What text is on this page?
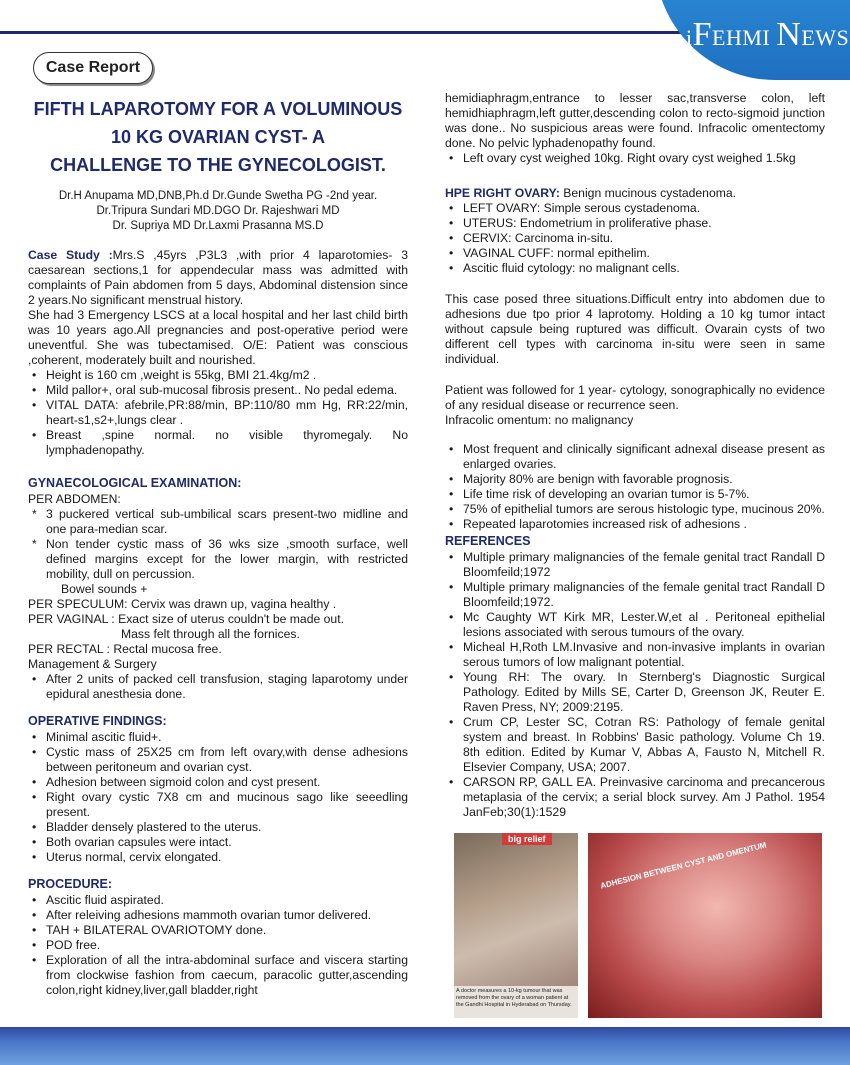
iFEHMI NEWS
Case Report
FIFTH LAPAROTOMY FOR A VOLUMINOUS
10 KG OVARIAN CYST- A
CHALLENGE TO THE GYNECOLOGIST.
Dr.H Anupama MD,DNB,Ph.d Dr.Gunde Swetha PG -2nd year.
Dr.Tripura Sundari MD.DGO Dr. Rajeshwari MD
Dr. Supriya MD Dr.Laxmi Prasanna MS.D

Case Study :Mrs.S ,45yrs ,P3L3 ,with prior 4 laparotomies- 3 caesarean sections,1 for appendecular mass was admitted with complaints of Pain abdomen from 5 days, Abdominal distension since 2 years.No significant menstrual history.

She had 3 Emergency LSCS at a local hospital and her last child birth was 10 years ago.All pregnancies and post-operative period were uneventful. She was tubectamised. O/E: Patient was conscious ,coherent, moderately built and nourished.

• Height is 160 cm ,weight is 55kg, BMI 21.4kg/m2 .
• Mild pallor+, oral sub-mucosal fibrosis present.. No pedal edema.
• VITAL DATA: afebrile,PR:88/min, BP:110/80 mm Hg, RR:22/min, heart-s1,s2+,lungs clear .
• Breast ,spine normal. no visible thyromegaly. No lymphadenopathy.
GYNAECOLOGICAL EXAMINATION:

PER ABDOMEN:

* 3 puckered vertical sub-umbilical scars present-two midline and one para-median scar.
* Non tender cystic mass of 36 wks size ,smooth surface, well defined margins except for the lower margin, with restricted mobility, dull on percussion.

Bowel sounds +

PER SPECULUM: Cervix was drawn up, vagina healthy .

PER VAGINAL : Exact size of uterus couldn't be made out.

Mass felt through all the fornices.

PER RECTAL : Rectal mucosa free.

Management & Surgery

• After 2 units of packed cell transfusion, staging laparotomy under epidural anesthesia done.
OPERATIVE FINDINGS:
• Minimal ascitic fluid+.
• Cystic mass of 25X25 cm from left ovary,with dense adhesions between peritoneum and ovarian cyst.
• Adhesion between sigmoid colon and cyst present.
• Right ovary cystic 7X8 cm and mucinous sago like seeedling present.
• Bladder densely plastered to the uterus.
• Both ovarian capsules were intact.
• Uterus normal, cervix elongated.
PROCEDURE:
• Ascitic fluid aspirated.
• After releiving adhesions mammoth ovarian tumor delivered.
• TAH + BILATERAL OVARIOTOMY done.
• POD free.
• Exploration of all the intra-abdominal surface and viscera starting from clockwise fashion from caecum, paracolic gutter,ascending colon,right kidney,liver,gall bladder,right

hemidiaphragm,entrance to lesser sac,transverse colon, left hemidhiaphragm,left gutter,descending colon to recto-sigmoid junction was done.. No suspicious areas were found. Infracolic omentectomy done. No pelvic lyphadenopathy found.

• Left ovary cyst weighed 10kg. Right ovary cyst weighed 1.5kg

HPE RIGHT OVARY: Benign mucinous cystadenoma.

• LEFT OVARY: Simple serous cystadenoma.
• UTERUS: Endometrium in proliferative phase.
• CERVIX: Carcinoma in-situ.
• VAGINAL CUFF: normal epithelim.
• Ascitic fluid cytology: no malignant cells.

This case posed three situations.Difficult entry into abdomen due to adhesions due tpo prior 4 laprotomy. Holding a 10 kg tumor intact without capsule being ruptured was difficult. Ovarain cysts of two different cell types with carcinoma in-situ were seen in same individual.

Patient was followed for 1 year- cytology, sonographically no evidence of any residual disease or recurrence seen.

Infracolic omentum: no malignancy

• Most frequent and clinically significant adnexal disease present as enlarged ovaries.
• Majority 80% are benign with favorable prognosis.
• Life time risk of developing an ovarian tumor is 5-7%.
• 75% of epithelial tumors are serous histologic type, mucinous 20%.
• Repeated laparotomies increased risk of adhesions .
REFERENCES
• Multiple primary malignancies of the female genital tract Randall D Bloomfeild;1972
• Multiple primary malignancies of the female genital tract Randall D Bloomfeild;1972.
• Mc Caughty WT Kirk MR, Lester.W,et al . Peritoneal epithelial lesions associated with serous tumours of the ovary.
• Micheal H,Roth LM.Invasive and non-invasive implants in ovarian serous tumors of low malignant potential.
• Young RH: The ovary. In Sternberg's Diagnostic Surgical Pathology. Edited by Mills SE, Carter D, Greenson JK, Reuter E. Raven Press, NY; 2009:2195.
• Crum CP, Lester SC, Cotran RS: Pathology of female genital system and breast. In Robbins' Basic pathology. Volume Ch 19. 8th edition. Edited by Kumar V, Abbas A, Fausto N, Mitchell R. Elsevier Company, USA; 2007.
• CARSON RP, GALL EA. Preinvasive carcinoma and precancerous metaplasia of the cervix; a serial block survey. Am J Pathol. 1954 JanFeb;30(1):1529
big relief
A doctor measures a 10-kg tumour that was removed from the ovary of a woman patient at the Gandhi Hospital in Hyderabad on Thursday.
ADHESION BETWEEN CYST AND OMENTUM
